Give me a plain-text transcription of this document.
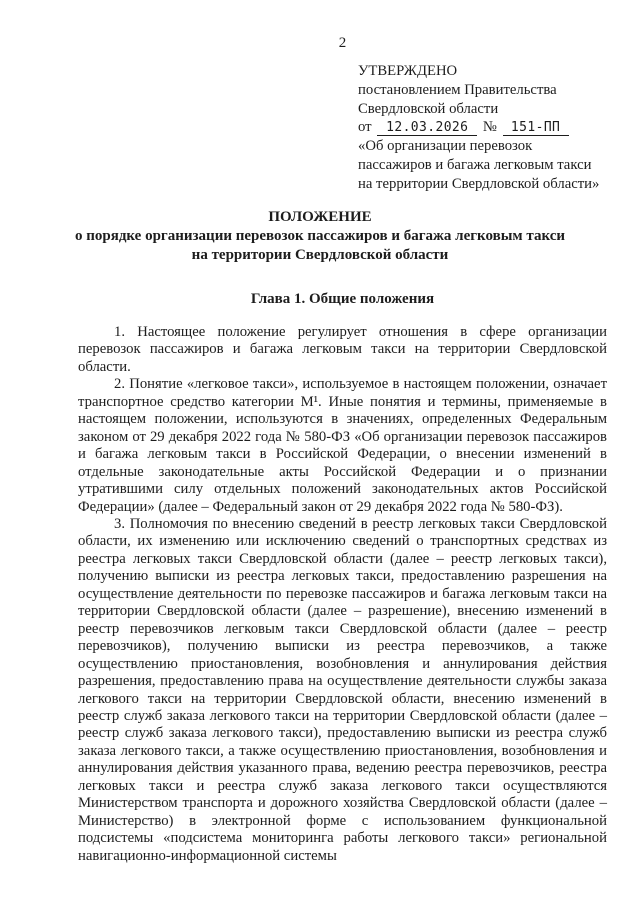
2
УТВЕРЖДЕНО
постановлением Правительства
Свердловской области
от 12.03.2026 № 151-ПП
«Об организации перевозок
пассажиров и багажа легковым такси
на территории Свердловской области»
ПОЛОЖЕНИЕ
о порядке организации перевозок пассажиров и багажа легковым такси
на территории Свердловской области
Глава 1. Общие положения

1. Настоящее положение регулирует отношения в сфере организации перевозок пассажиров и багажа легковым такси на территории Свердловской области.

2. Понятие «легковое такси», используемое в настоящем положении, означает транспортное средство категории М¹. Иные понятия и термины, применяемые в настоящем положении, используются в значениях, определенных Федеральным законом от 29 декабря 2022 года № 580-ФЗ «Об организации перевозок пассажиров и багажа легковым такси в Российской Федерации, о внесении изменений в отдельные законодательные акты Российской Федерации и о признании утратившими силу отдельных положений законодательных актов Российской Федерации» (далее – Федеральный закон от 29 декабря 2022 года № 580-ФЗ).

3. Полномочия по внесению сведений в реестр легковых такси Свердловской области, их изменению или исключению сведений о транспортных средствах из реестра легковых такси Свердловской области (далее – реестр легковых такси), получению выписки из реестра легковых такси, предоставлению разрешения на осуществление деятельности по перевозке пассажиров и багажа легковым такси на территории Свердловской области (далее – разрешение), внесению изменений в реестр перевозчиков легковым такси Свердловской области (далее – реестр перевозчиков), получению выписки из реестра перевозчиков, а также осуществлению приостановления, возобновления и аннулирования действия разрешения, предоставлению права на осуществление деятельности службы заказа легкового такси на территории Свердловской области, внесению изменений в реестр служб заказа легкового такси на территории Свердловской области (далее – реестр служб заказа легкового такси), предоставлению выписки из реестра служб заказа легкового такси, а также осуществлению приостановления, возобновления и аннулирования действия указанного права, ведению реестра перевозчиков, реестра легковых такси и реестра служб заказа легкового такси осуществляются Министерством транспорта и дорожного хозяйства Свердловской области (далее – Министерство) в электронной форме с использованием функциональной подсистемы «подсистема мониторинга работы легкового такси» региональной навигационно-информационной системы
